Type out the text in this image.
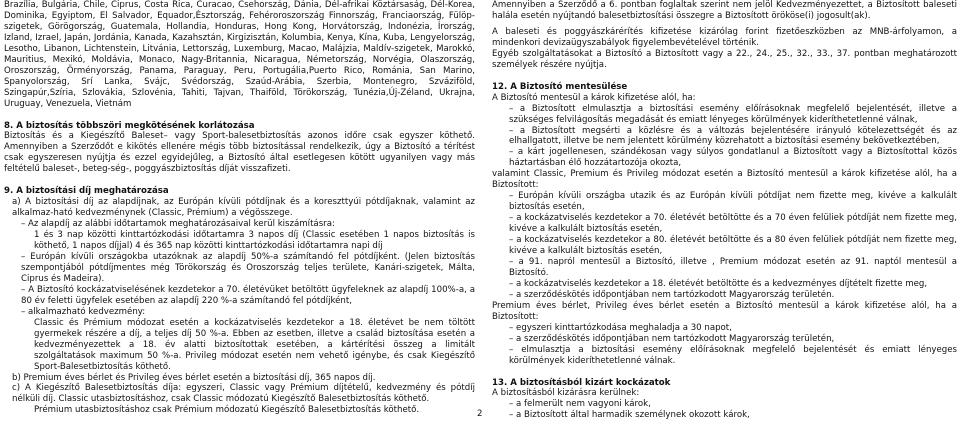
Brazília, Bulgária, Chile, Ciprus, Costa Rica, Curacao, Csehország, Dánia, Dél-afrikai Köztársaság, Dél-Korea, Dominika, Egyiptom, El Salvador, Equador,Észtország, Fehéroroszország Finnország, Franciaország, Fülöp-szigetek, Görögország, Guatemala, Hollandia, Honduras, Hong Kong, Horvátország, Indonézia, Írország, Izland, Izrael, Japán, Jordánia, Kanada, Kazahsztán, Kirgizisztán, Kolumbia, Kenya, Kína, Kuba, Lengyelország, Lesotho, Libanon, Lichtenstein, Litvánia, Lettország, Luxemburg, Macao, Malájzia, Maldív-szigetek, Marokkó, Mauritius, Mexikó, Moldávia, Monaco, Nagy-Britannia, Nicaragua, Németország, Norvégia, Olaszország, Oroszország, Örményország, Panama, Paraguay, Peru, Portugália,Puerto Rico, Románia, San Marino, Spanyolország, Srí Lanka, Svájc, Svédország, Szaúd-Arábia, Szerbia, Montenegro, Szváziföld, Szingapúr,Szíria, Szlovákia, Szlovénia, Tahiti, Tajvan, Thaiföld, Törökország, Tunézia,Új-Zéland, Ukrajna, Uruguay, Venezuela, Vietnám

8. A biztosítás többszöri megkötésének korlátozása

Biztosítás és a Kiegészítő Baleset– vagy Sport-balesetbiztosítás azonos időre csak egyszer köthető. Amennyiben a Szerződőt e kikötés ellenére mégis több biztosítással rendelkezik, úgy a Biztosító a térítést csak egyszeresen nyújtja és ezzel egyidejűleg, a Biztosító által esetlegesen kötött ugyanilyen vagy más feltételű baleset-, beteg-ség-, poggyászbiztosítás díját visszafizeti.

9. A biztosítási díj meghatározása

a) A biztosítási díj az alapdíjnak, az Európán kívüli pótdíjnak és a koreszttyúi pótdíjaknak, valamint az alkalmaz-ható kedvezménynek (Classic, Prémium) a végösszege.

– Az alapdíj az alábbi időtartamok meghatározásaival kerül kiszámításra:

1 és 3 nap közötti kinttartózkodási időtartamra 3 napos díj (Classic esetében 1 napos biztosítás is köthető, 1 napos díjjal) 4 és 365 nap közötti kinttartózkodási időtartamra napi díj

– Európán kívüli országokba utazóknak az alapdíj 50%-a számítandó fel pótdíjként. (Jelen biztosítás szempontjából pótdíjmentes még Törökország és Oroszország teljes területe, Kanári-szigetek, Málta, Ciprus és Madeira).

– A Biztosító kockázatviselésének kezdetekor a 70. életévüket betöltött ügyfeleknek az alapdíj 100%-a, a 80 év feletti ügyfelek esetében az alapdíj 220 %-a számítandó fel pótdíjként,

– alkalmazható kedvezmény:

Classic és Prémium módozat esetén a kockázatviselés kezdetekor a 18. életévet be nem töltött gyermekek részére a díj, a teljes díj 50 %-a. Ebben az esetben, illetve a család biztosítása esetén a kedvezményezettek a 18. év alatti biztosítottak esetében, a kártérítési összeg a limitált szolgáltatások maximum 50 %-a. Privileg módozat esetén nem vehető igénybe, és csak Kiegészítő Sport-Balesetbiztosítás köthető.

b) Premium éves bérlet és Privileg éves bérlet esetén a biztosítási díj, 365 napos díj.

c) A Kiegészítő Balesetbiztosítás díja: egyszeri, Classic vagy Prémium díjtételű, kedvezmény és pótdíj nélküli díj. Classic utasbiztosításhoz, csak Classic módozatú Kiegészítő Balesetbiztosítás köthető.

Prémium utasbiztosításhoz csak Prémium módozatú Kiegészítő Balesetbiztosítás köthető.	2

Amennyiben a Szerződő a 6. pontban foglaltak szerint nem jelöl Kedvezményezettet, a Biztosított baleseti halála esetén nyújtandó balesetbiztosítási összegre a Biztosított örököse(i) jogosult(ak).

A baleseti és poggyászkárérítés kifizetése kizárólag forint fizetőeszközben az MNB-árfolyamon, a mindenkori devizaügyszabályok figyelembevételével történik.

Egyéb szolgáltatásokat a Biztosító a Biztosított vagy a 22., 24., 25., 32., 33., 37. pontban meghatározott személyek részére nyújtja.

12. A Biztosító mentesülése

A Biztosító mentesül a károk kifizetése alól, ha:

– a Biztosított elmulasztja a biztosítási esemény előírásoknak megfelelő bejelentését, illetve a szükséges felvilágosítás megadását és emiatt lényeges körülmények kideríthetetlenné válnak,

– a Biztosított megsérti a közlésre és a változás bejelentésére irányuló kötelezettségét és az elhallgatott, illetve be nem jelentett körülmény közrehatott a biztosítási esemény bekövetkeztében,

– a kárt jogellenesen, szándékosan vagy súlyos gondatlanul a Biztosított vagy a Biztosítottal közös háztartásban élő hozzátartozója okozta,

valamint Classic, Premium és Privileg módozat esetén a Biztosító mentesül a károk kifizetése alól, ha a Biztosított:

– Európán kívüli országba utazik és az Európán kívüli pótdíjat nem fizette meg, kivéve a kalkulált biztosítás esetén,

– a kockázatviselés kezdetekor a 70. életévét betöltötte és a 70 éven felüliek pótdíját nem fizette meg, kivéve a kalkulált biztosítás esetén,

– a kockázatviselés kezdetekor a 80. életévét betöltötte és a 80 éven felüliek pótdíját nem fizette meg, kivéve a kalkulált biztosítás esetén,

– a 91. napról mentesül a Biztosító, illetve , Premium módozat esetén az 91. naptól mentesül a Biztosító.

– a kockázatviselés kezdetekor a 18. életévét betöltötte és a kedvezményes díjtételt fizette meg,

– a szerződéskötés időpontjában nem tartózkodott Magyarország területén.

Premium éves bérlet, Privileg éves bérlet esetén a Biztosító mentesül a károk kifizetése alól, ha a Biztosított:

– egyszeri kinttartózkodása meghaladja a 30 napot,

– a szerződéskötés időpontjában nem tartózkodott Magyarország területén,

– elmulasztja a biztosítási esemény előírásoknak megfelelő bejelentését és emiatt lényeges körülmények kideríthetetlenné válnak.

13. A biztosításból kizárt kockázatok

A biztosításból kizárásra kerülnek:

– a felmerült nem vagyoni károk,

– a Biztosított által harmadik személynek okozott károk,
